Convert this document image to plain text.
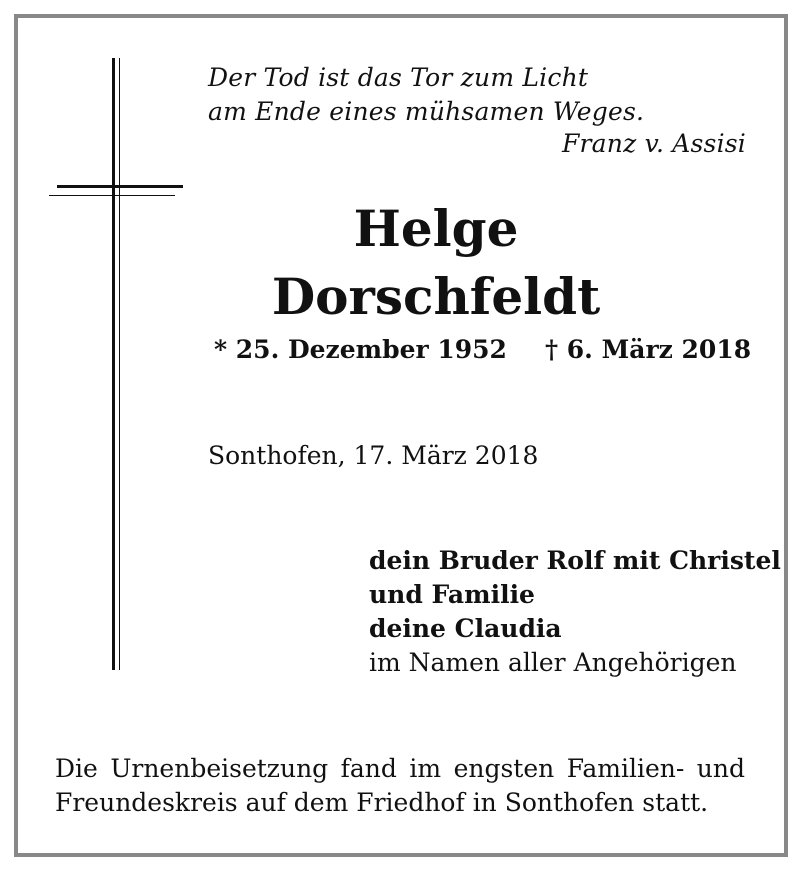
Der Tod ist das Tor zum Licht
am Ende eines mühsamen Weges.
Franz v. Assisi
Helge
Dorschfeldt
* 25. Dezember 1952 † 6. März 2018
Sonthofen, 17. März 2018
dein Bruder Rolf mit Christel
und Familie
deine Claudia
im Namen aller Angehörigen
Die Urnenbeisetzung fand im engsten Familien- und
Freundeskreis auf dem Friedhof in Sonthofen statt.
